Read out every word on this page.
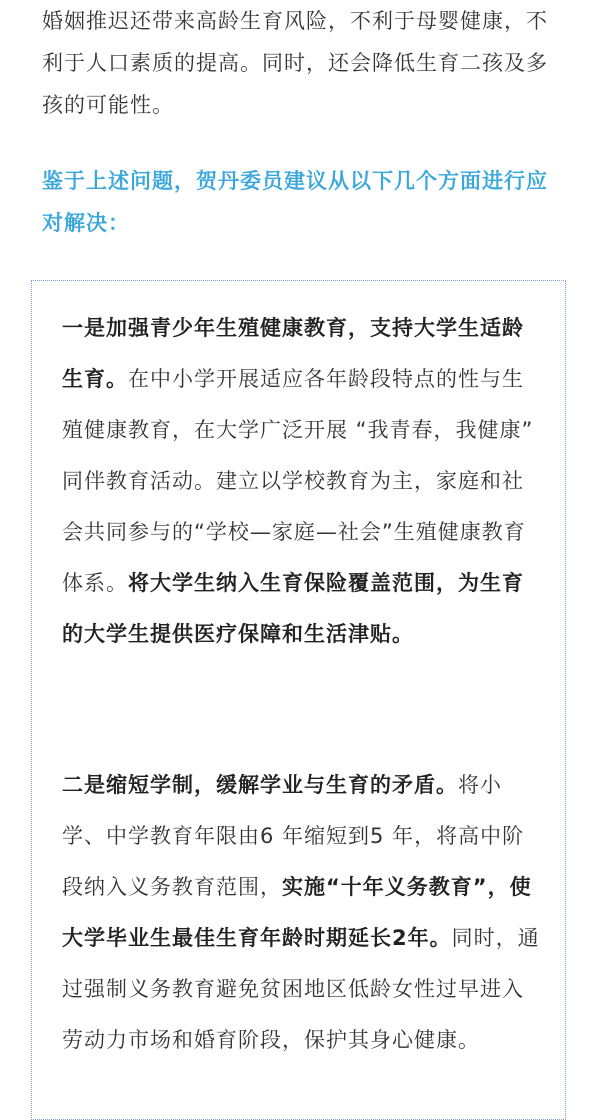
婚姻推迟还带来高龄生育风险，不利于母婴健康，不利于人口素质的提高。同时，还会降低生育二孩及多孩的可能性。

鉴于上述问题，贺丹委员建议从以下几个方面进行应对解决：

一是加强青少年生殖健康教育，支持大学生适龄生育。在中小学开展适应各年龄段特点的性与生殖健康教育，在大学广泛开展 “我青春，我健康” 同伴教育活动。建立以学校教育为主，家庭和社会共同参与的“学校—家庭—社会”生殖健康教育体系。将大学生纳入生育保险覆盖范围，为生育的大学生提供医疗保障和生活津贴。

二是缩短学制，缓解学业与生育的矛盾。将小学、中学教育年限由6 年缩短到5 年，将高中阶段纳入义务教育范围，实施“十年义务教育”，使大学毕业生最佳生育年龄时期延长2年。同时，通过强制义务教育避免贫困地区低龄女性过早进入劳动力市场和婚育阶段，保护其身心健康。
